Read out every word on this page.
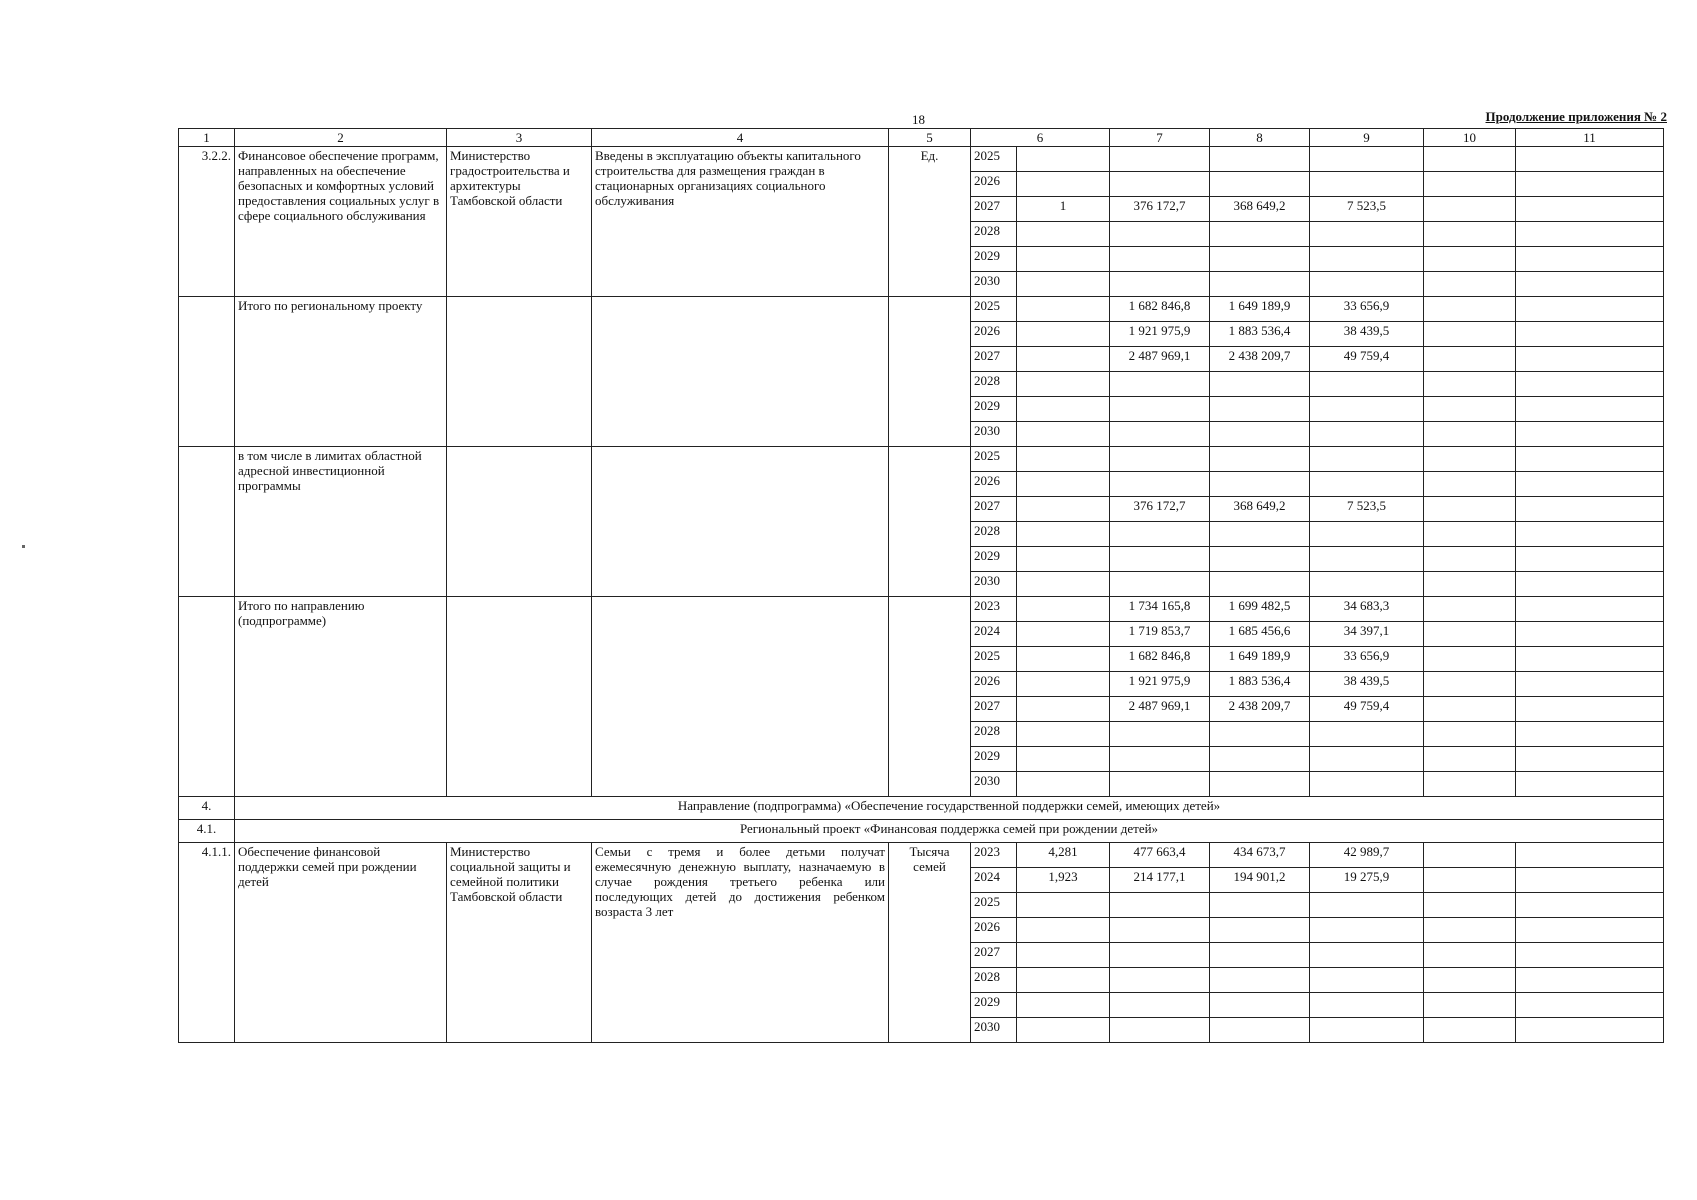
18	Продолжение приложения № 2
1	2	3	4	5	6		7	8	9	10	11
3.2.2.	Финансовое обеспечение программ, направленных на обеспечение безопасных и комфортных условий предоставления социальных услуг в сфере социального обслуживания	Министерство градостроительства и архитектуры Тамбовской области	Введены в эксплуатацию объекты капитального строительства для размещения граждан в стационарных организациях социального обслуживания	Ед.	2025						
					2026						
					2027	1	376 172,7	368 649,2	7 523,5		
					2028						
					2029						
					2030						
	Итого по региональному проекту				2025		1 682 846,8	1 649 189,9	33 656,9		
					2026		1 921 975,9	1 883 536,4	38 439,5		
					2027		2 487 969,1	2 438 209,7	49 759,4		
					2028						
					2029						
					2030						
	в том числе в лимитах областной адресной инвестиционной программы				2025						
					2026						
					2027		376 172,7	368 649,2	7 523,5		
					2028						
					2029						
					2030						
	Итого по направлению (подпрограмме)				2023		1 734 165,8	1 699 482,5	34 683,3		
					2024		1 719 853,7	1 685 456,6	34 397,1		
					2025		1 682 846,8	1 649 189,9	33 656,9		
					2026		1 921 975,9	1 883 536,4	38 439,5		
					2027		2 487 969,1	2 438 209,7	49 759,4		
					2028						
					2029						
					2030						
4.	Направление (подпрограмма) «Обеспечение государственной поддержки семей, имеющих детей»										
4.1.	Региональный проект «Финансовая поддержка семей при рождении детей»										
4.1.1.	Обеспечение финансовой поддержки семей при рождении детей	Министерство социальной защиты и семейной политики Тамбовской области	Семьи с тремя и более детьми получат ежемесячную денежную выплату, назначаемую в случае рождения третьего ребенка или последующих детей до достижения ребенком возраста 3 лет	Тысяча семей	2023	4,281	477 663,4	434 673,7	42 989,7		
					2024	1,923	214 177,1	194 901,2	19 275,9		
					2025						
					2026						
					2027						
					2028						
					2029						
					2030						
